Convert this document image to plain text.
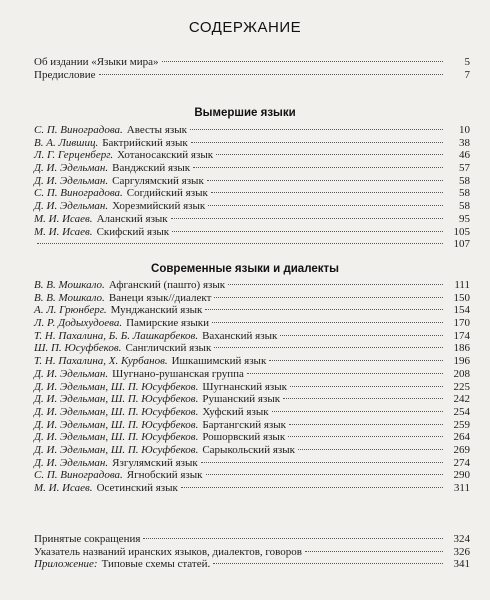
СОДЕРЖАНИЕ
Об издании «Языки мира»	5
Предисловие	7
Вымершие языки
С. П. Виноградова. Авесты язык	10
В. А. Лившиц. Бактрийский язык	38
Л. Г. Герценберг. Хотаносакский язык	46
Д. И. Эдельман. Ванджский язык	57
Д. И. Эдельман. Саргулямский язык	58
С. П. Виноградова. Согдийский язык	58
Д. И. Эдельман. Хорезмийский язык	58
М. И. Исаев. Аланский язык	95
М. И. Исаев. Скифский язык	105
107
Современные языки и диалекты
В. В. Мошкало. Афганский (пашто) язык	111
В. В. Мошкало. Ванеци язык//диалект	150
А. Л. Грюнберг. Мунджанский язык	154
Л. Р. Додыхудоева. Памирские языки	170
Т. Н. Пахалина, Б. Б. Лашкарбеков. Ваханский язык	174
Ш. П. Юсуфбеков. Сангличский язык	186
Т. Н. Пахалина, Х. Курбанов. Ишкашимский язык	196
Д. И. Эдельман. Шугнано-рушанская группа	208
Д. И. Эдельман, Ш. П. Юсуфбеков. Шугнанский язык	225
Д. И. Эдельман, Ш. П. Юсуфбеков. Рушанский язык	242
Д. И. Эдельман, Ш. П. Юсуфбеков. Хуфский язык	254
Д. И. Эдельман, Ш. П. Юсуфбеков. Бартангский язык	259
Д. И. Эдельман, Ш. П. Юсуфбеков. Рошорвский язык	264
Д. И. Эдельман, Ш. П. Юсуфбеков. Сарыкольский язык	269
Д. И. Эдельман. Язгулямский язык	274
С. П. Виноградова. Ягнобский язык	290
М. И. Исаев. Осетинский язык	311
Принятые сокращения	324
Указатель названий иранских языков, диалектов, говоров	326
Приложение: Типовые схемы статей.	341
